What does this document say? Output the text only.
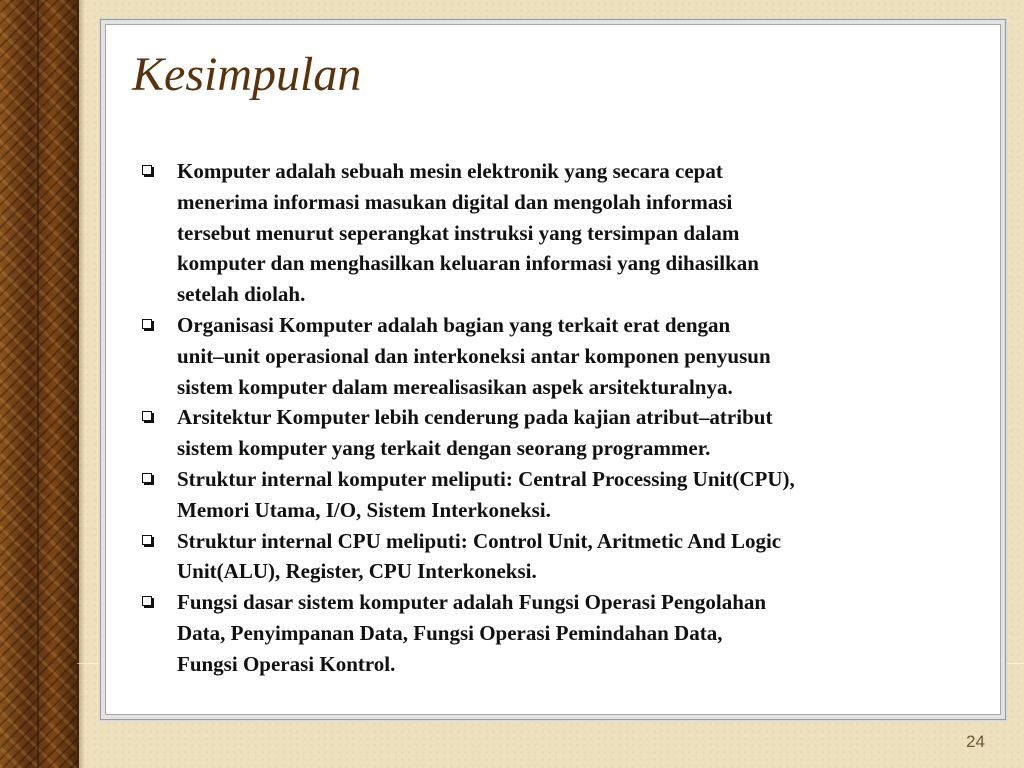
Kesimpulan
Komputer adalah sebuah mesin elektronik yang secara cepat
menerima informasi masukan digital dan mengolah informasi
tersebut menurut seperangkat instruksi yang tersimpan dalam
komputer dan menghasilkan keluaran informasi yang dihasilkan
setelah diolah.
Organisasi Komputer adalah bagian yang terkait erat dengan
unit–unit operasional dan interkoneksi antar komponen penyusun
sistem komputer dalam merealisasikan aspek arsitekturalnya.
Arsitektur Komputer lebih cenderung pada kajian atribut–atribut
sistem komputer yang terkait dengan seorang programmer.
Struktur internal komputer meliputi: Central Processing Unit(CPU),
Memori Utama, I/O, Sistem Interkoneksi.
Struktur internal CPU meliputi: Control Unit, Aritmetic And Logic
Unit(ALU), Register, CPU Interkoneksi.
Fungsi dasar sistem komputer adalah Fungsi Operasi Pengolahan
Data, Penyimpanan Data, Fungsi Operasi Pemindahan Data,
Fungsi Operasi Kontrol.
24
